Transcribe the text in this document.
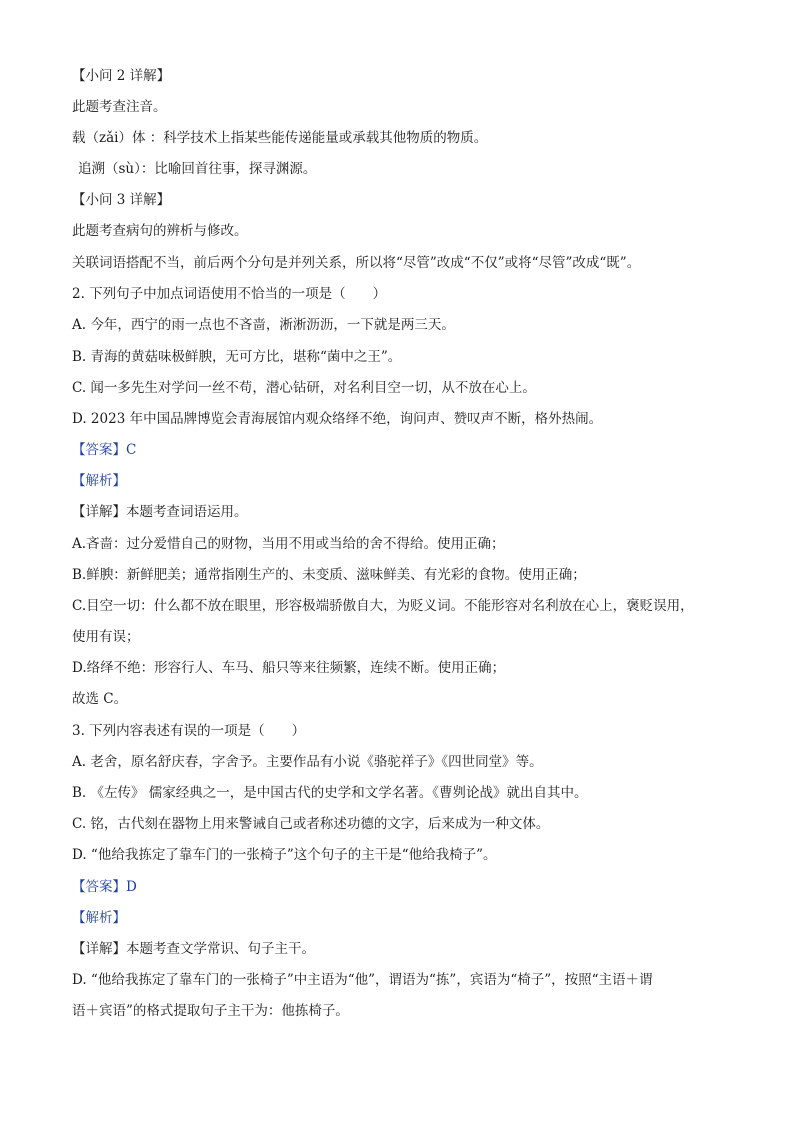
【小问 2 详解】
此题考查注音。
载（zǎi）体 ：科学技术上指某些能传递能量或承载其他物质的物质。
追溯（sù）：比喻回首往事，探寻渊源。
【小问 3 详解】
此题考查病句的辨析与修改。
关联词语搭配不当，前后两个分句是并列关系，所以将“尽管”改成“不仅”或将“尽管”改成“既”。
2. 下列句子中加点词语使用不恰当的一项是（　　）
A. 今年，西宁的雨一点也不吝啬，淅淅沥沥，一下就是两三天。
B. 青海的黄菇味极鲜腴，无可方比，堪称“菌中之王”。
C. 闻一多先生对学问一丝不苟，潜心钻研，对名利目空一切，从不放在心上。
D. 2023 年中国品牌博览会青海展馆内观众络绎不绝，询问声、赞叹声不断，格外热闹。
【答案】C
【解析】
【详解】本题考查词语运用。
A.吝啬：过分爱惜自己的财物，当用不用或当给的舍不得给。使用正确；
B.鲜腴：新鲜肥美；通常指刚生产的、未变质、滋味鲜美、有光彩的食物。使用正确；
C.目空一切：什么都不放在眼里，形容极端骄傲自大，为贬义词。不能形容对名利放在心上，褒贬误用，
使用有误；
D.络绎不绝：形容行人、车马、船只等来往频繁，连续不断。使用正确；
故选 C。
3. 下列内容表述有误的一项是（　　）
A. 老舍，原名舒庆春，字舍予。主要作品有小说《骆驼祥子》《四世同堂》等。
B. 《左传》 儒家经典之一，是中国古代的史学和文学名著。《曹刿论战》就出自其中。
C. 铭，古代刻在器物上用来警诫自己或者称述功德的文字，后来成为一种文体。
D. “他给我拣定了靠车门的一张椅子”这个句子的主干是“他给我椅子”。
【答案】D
【解析】
【详解】本题考查文学常识、句子主干。
D. “他给我拣定了靠车门的一张椅子”中主语为“他”，谓语为“拣”，宾语为“椅子”，按照“主语＋谓
语＋宾语”的格式提取句子主干为：他拣椅子。
